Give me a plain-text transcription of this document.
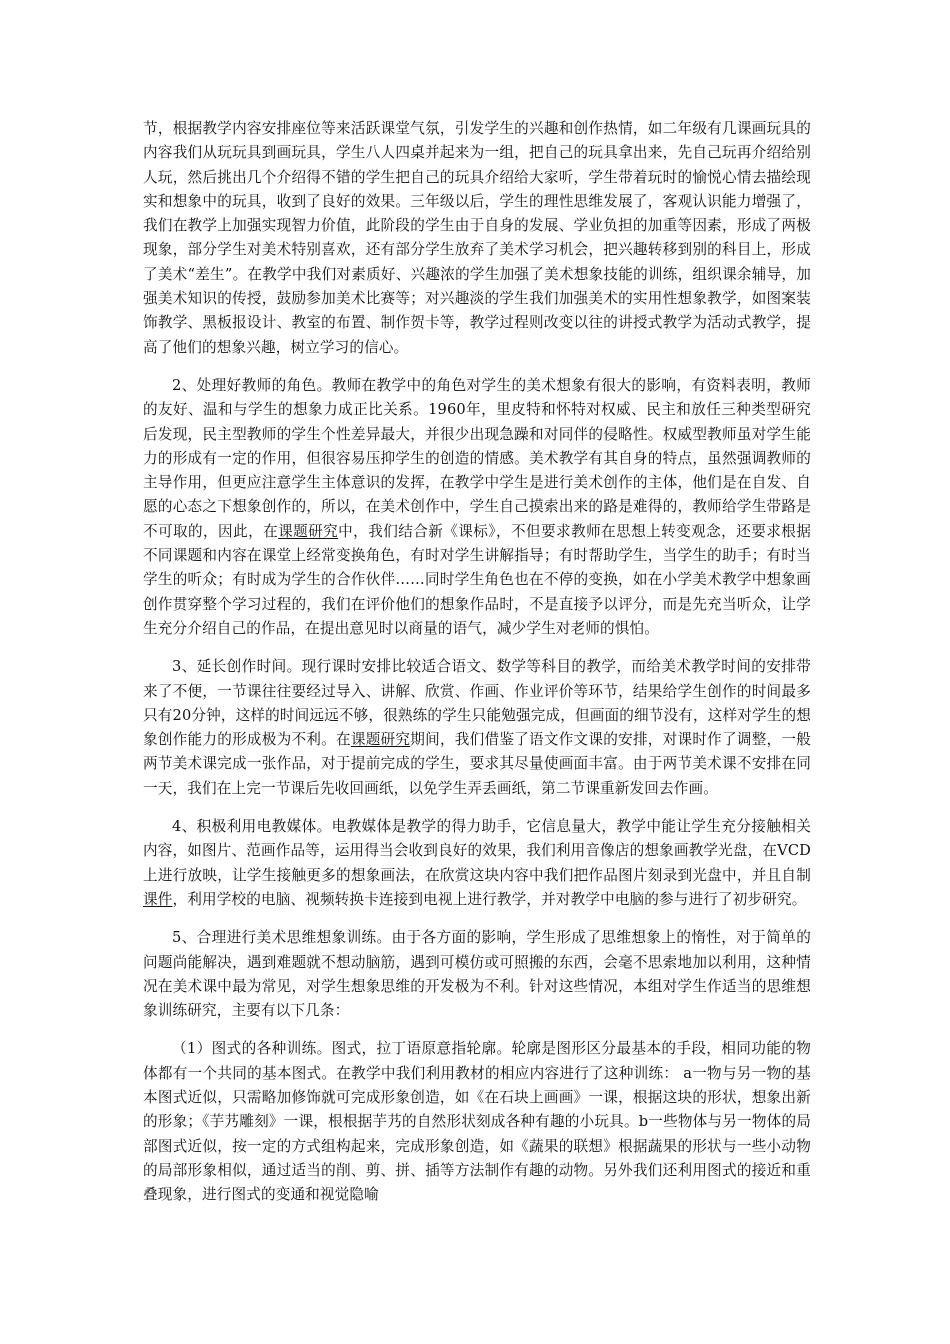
节，根据教学内容安排座位等来活跃课堂气氛，引发学生的兴趣和创作热情，如二年级有几课画玩具的内容我们从玩玩具到画玩具，学生八人四桌并起来为一组，把自己的玩具拿出来，先自己玩再介绍给别人玩，然后挑出几个介绍得不错的学生把自己的玩具介绍给大家听，学生带着玩时的愉悦心情去描绘现实和想象中的玩具，收到了良好的效果。三年级以后，学生的理性思维发展了，客观认识能力增强了，我们在教学上加强实现智力价值，此阶段的学生由于自身的发展、学业负担的加重等因素，形成了两极现象，部分学生对美术特别喜欢，还有部分学生放弃了美术学习机会，把兴趣转移到别的科目上，形成了美术“差生”。在教学中我们对素质好、兴趣浓的学生加强了美术想象技能的训练，组织课余辅导，加强美术知识的传授，鼓励参加美术比赛等；对兴趣淡的学生我们加强美术的实用性想象教学，如图案装饰教学、黑板报设计、教室的布置、制作贺卡等，教学过程则改变以往的讲授式教学为活动式教学，提高了他们的想象兴趣，树立学习的信心。

2、处理好教师的角色。教师在教学中的角色对学生的美术想象有很大的影响，有资料表明，教师的友好、温和与学生的想象力成正比关系。1960年，里皮特和怀特对权威、民主和放任三种类型研究后发现，民主型教师的学生个性差异最大，并很少出现急躁和对同伴的侵略性。权威型教师虽对学生能力的形成有一定的作用，但很容易压抑学生的创造的情感。美术教学有其自身的特点，虽然强调教师的主导作用，但更应注意学生主体意识的发挥，在教学中学生是进行美术创作的主体，他们是在自发、自愿的心态之下想象创作的，所以，在美术创作中，学生自己摸索出来的路是难得的，教师给学生带路是不可取的，因此，在课题研究中，我们结合新《课标》，不但要求教师在思想上转变观念，还要求根据不同课题和内容在课堂上经常变换角色，有时对学生讲解指导；有时帮助学生，当学生的助手；有时当学生的听众；有时成为学生的合作伙伴……同时学生角色也在不停的变换，如在小学美术教学中想象画创作贯穿整个学习过程的，我们在评价他们的想象作品时，不是直接予以评分，而是先充当听众，让学生充分介绍自己的作品，在提出意见时以商量的语气，减少学生对老师的惧怕。

3、延长创作时间。现行课时安排比较适合语文、数学等科目的教学，而给美术教学时间的安排带来了不便，一节课往往要经过导入、讲解、欣赏、作画、作业评价等环节，结果给学生创作的时间最多只有20分钟，这样的时间远远不够，很熟练的学生只能勉强完成，但画面的细节没有，这样对学生的想象创作能力的形成极为不利。在课题研究期间，我们借鉴了语文作文课的安排，对课时作了调整，一般两节美术课完成一张作品，对于提前完成的学生，要求其尽量使画面丰富。由于两节美术课不安排在同一天，我们在上完一节课后先收回画纸，以免学生弄丢画纸，第二节课重新发回去作画。

4、积极利用电教媒体。电教媒体是教学的得力助手，它信息量大，教学中能让学生充分接触相关内容，如图片、范画作品等，运用得当会收到良好的效果，我们利用音像店的想象画教学光盘，在VCD上进行放映，让学生接触更多的想象画法，在欣赏这块内容中我们把作品图片刻录到光盘中，并且自制课件，利用学校的电脑、视频转换卡连接到电视上进行教学，并对教学中电脑的参与进行了初步研究。

5、合理进行美术思维想象训练。由于各方面的影响，学生形成了思维想象上的惰性，对于简单的问题尚能解决，遇到难题就不想动脑筋，遇到可模仿或可照搬的东西，会毫不思索地加以利用，这种情况在美术课中最为常见，对学生想象思维的开发极为不利。针对这些情况，本组对学生作适当的思维想象训练研究，主要有以下几条：

（1）图式的各种训练。图式，拉丁语原意指轮廓。轮廓是图形区分最基本的手段，相同功能的物体都有一个共同的基本图式。在教学中我们利用教材的相应内容进行了这种训练： a一物与另一物的基本图式近似，只需略加修饰就可完成形象创造，如《在石块上画画》一课，根据这块的形状，想象出新的形象；《芋艿雕刻》一课，根根据芋艿的自然形状刻成各种有趣的小玩具。b一些物体与另一物体的局部图式近似，按一定的方式组构起来，完成形象创造，如《蔬果的联想》根据蔬果的形状与一些小动物的局部形象相似，通过适当的削、剪、拼、插等方法制作有趣的动物。另外我们还利用图式的接近和重叠现象，进行图式的变通和视觉隐喻
